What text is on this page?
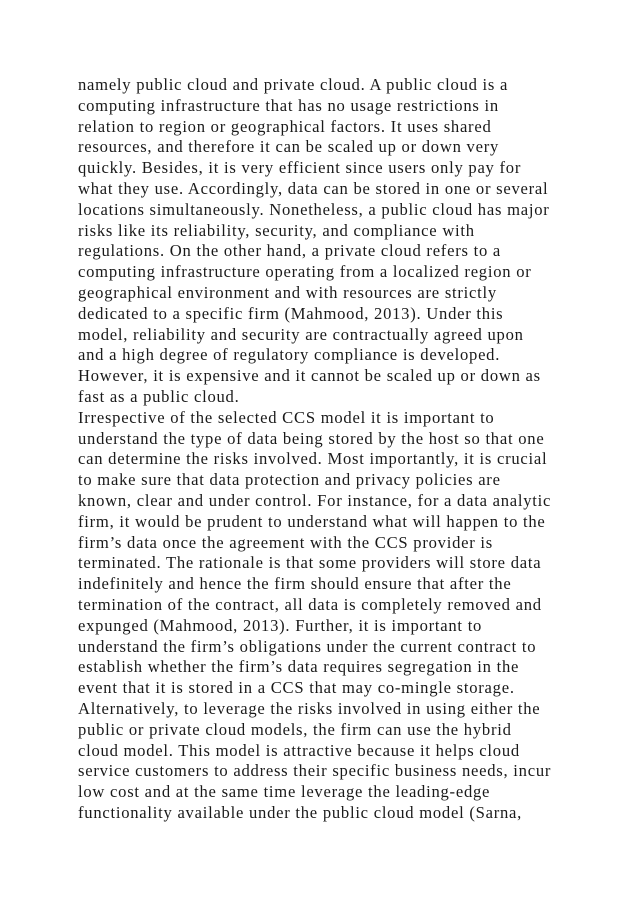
namely public cloud and private cloud. A public cloud is a
computing infrastructure that has no usage restrictions in
relation to region or geographical factors. It uses shared
resources, and therefore it can be scaled up or down very
quickly. Besides, it is very efficient since users only pay for
what they use. Accordingly, data can be stored in one or several
locations simultaneously. Nonetheless, a public cloud has major
risks like its reliability, security, and compliance with
regulations. On the other hand, a private cloud refers to a
computing infrastructure operating from a localized region or
geographical environment and with resources are strictly
dedicated to a specific firm (Mahmood, 2013). Under this
model, reliability and security are contractually agreed upon
and a high degree of regulatory compliance is developed.
However, it is expensive and it cannot be scaled up or down as
fast as a public cloud.
Irrespective of the selected CCS model it is important to
understand the type of data being stored by the host so that one
can determine the risks involved. Most importantly, it is crucial
to make sure that data protection and privacy policies are
known, clear and under control. For instance, for a data analytic
firm, it would be prudent to understand what will happen to the
firm’s data once the agreement with the CCS provider is
terminated. The rationale is that some providers will store data
indefinitely and hence the firm should ensure that after the
termination of the contract, all data is completely removed and
expunged (Mahmood, 2013). Further, it is important to
understand the firm’s obligations under the current contract to
establish whether the firm’s data requires segregation in the
event that it is stored in a CCS that may co-mingle storage.
Alternatively, to leverage the risks involved in using either the
public or private cloud models, the firm can use the hybrid
cloud model. This model is attractive because it helps cloud
service customers to address their specific business needs, incur
low cost and at the same time leverage the leading-edge
functionality available under the public cloud model (Sarna,
